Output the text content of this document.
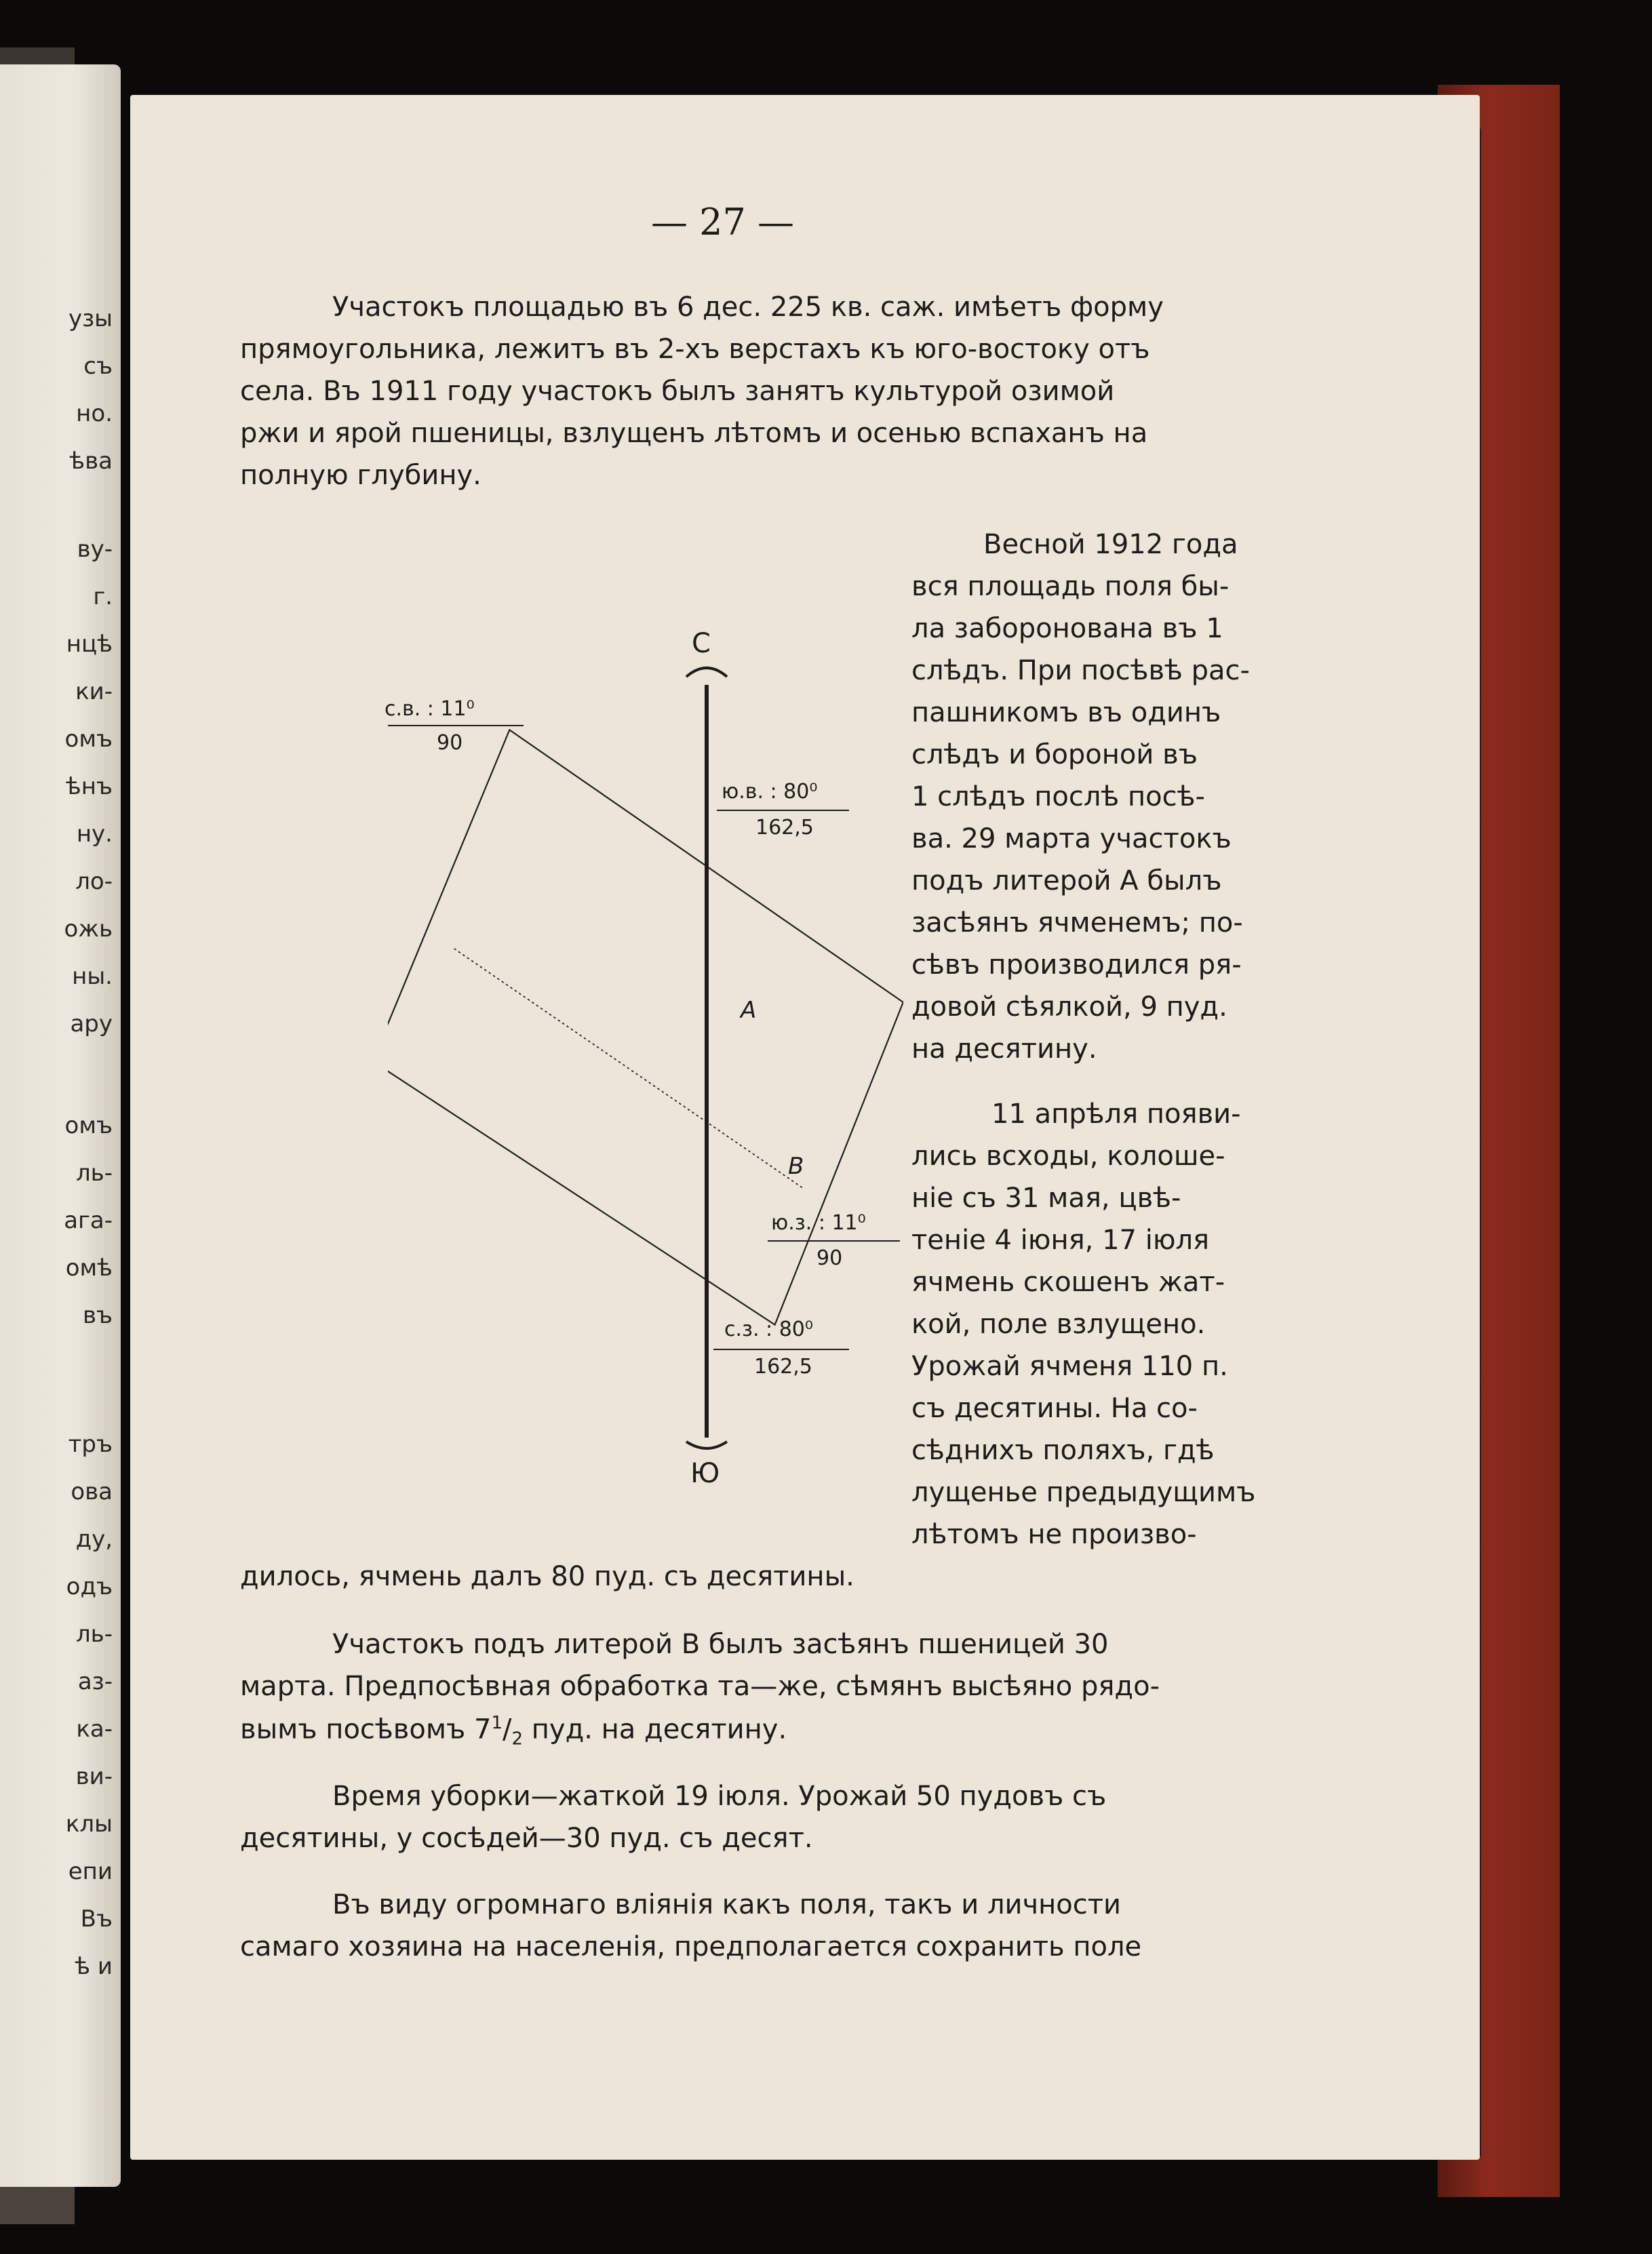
узы
съ
но.
ѣва
ву-
г.
нцѣ
ки-
омъ
ѣнъ
ну.
ло-
ожь
ны.
ару
омъ
ль-
ага-
омѣ
въ
тръ
ова
ду,
одъ
ль-
аз-
ка-
ви-
клы
епи
Въ
ѣ и
— 27 —
Участокъ площадью въ 6 дес. 225 кв. саж. имѣетъ форму
прямоугольника, лежитъ въ 2-хъ верстахъ къ юго-востоку отъ
села. Въ 1911 году участокъ былъ занятъ культурой озимой
ржи и ярой пшеницы, взлущенъ лѣтомъ и осенью вспаханъ на
полную глубину.
Весной 1912 года
вся площадь поля бы-
ла заборонована въ 1
слѣдъ. При посѣвѣ рас-
пашникомъ въ одинъ
слѣдъ и бороной въ
1 слѣдъ послѣ посѣ-
ва. 29 марта участокъ
подъ литерой А былъ
засѣянъ ячменемъ; по-
сѣвъ производился ря-
довой сѣялкой, 9 пуд.
на десятину.
11 апрѣля появи-
лись всходы, колоше-
ніе съ 31 мая, цвѣ-
теніе 4 іюня, 17 іюля
ячмень скошенъ жат-
кой, поле взлущено.
Урожай ячменя 110 п.
съ десятины. На со-
сѣднихъ поляхъ, гдѣ
лущенье предыдущимъ
лѣтомъ не произво-
дилось, ячмень далъ 80 пуд. съ десятины.
Участокъ подъ литерой В былъ засѣянъ пшеницей 30
марта. Предпосѣвная обработка та—же, сѣмянъ высѣяно рядо-
вымъ посѣвомъ $7^1/_2$ пуд. на десятину.
Время уборки—жаткой 19 іюля. Урожай 50 пудовъ съ
десятины, у сосѣдей—30 пуд. съ десят.
Въ виду огромнаго вліянія какъ поля, такъ и личности
самаго хозяина на населенія, предполагается сохранить поле
С
Ю
с.в. : 11⁰
90
ю.в. : 80⁰
162,5
ю.з. : 11⁰
90
с.з. : 80⁰
162,5
А
В
